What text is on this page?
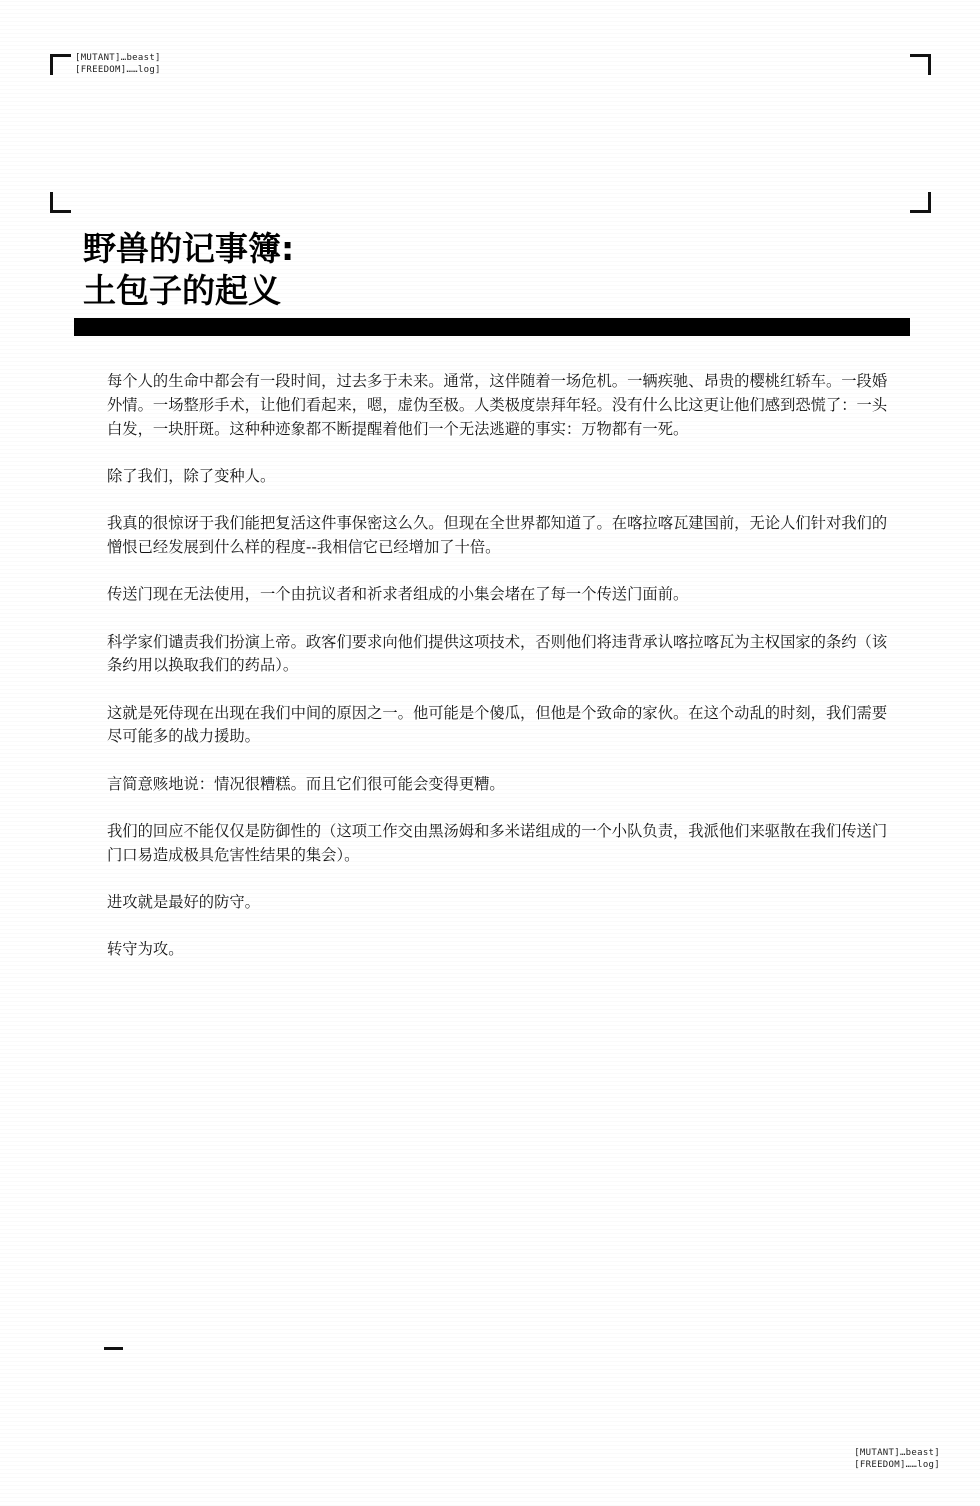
[MUTANT]…beast]
[FREEDOM]……log]
野兽的记事簿:
土包子的起义

每个人的生命中都会有一段时间，过去多于未来。通常，这伴随着一场危机。一辆疾驰、昂贵的樱桃红轿车。一段婚外情。一场整形手术，让他们看起来，嗯，虚伪至极。人类极度崇拜年轻。没有什么比这更让他们感到恐慌了：一头白发，一块肝斑。这种种迹象都不断提醒着他们一个无法逃避的事实：万物都有一死。

除了我们，除了变种人。

我真的很惊讶于我们能把复活这件事保密这么久。但现在全世界都知道了。在喀拉喀瓦建国前，无论人们针对我们的憎恨已经发展到什么样的程度--我相信它已经增加了十倍。

传送门现在无法使用，一个由抗议者和祈求者组成的小集会堵在了每一个传送门面前。

科学家们谴责我们扮演上帝。政客们要求向他们提供这项技术，否则他们将违背承认喀拉喀瓦为主权国家的条约（该条约用以换取我们的药品）。

这就是死侍现在出现在我们中间的原因之一。他可能是个傻瓜，但他是个致命的家伙。在这个动乱的时刻，我们需要尽可能多的战力援助。

言简意赅地说：情况很糟糕。而且它们很可能会变得更糟。

我们的回应不能仅仅是防御性的（这项工作交由黑汤姆和多米诺组成的一个小队负责，我派他们来驱散在我们传送门门口易造成极具危害性结果的集会）。

进攻就是最好的防守。

转守为攻。

[MUTANT]…beast]
[FREEDOM]……log]
